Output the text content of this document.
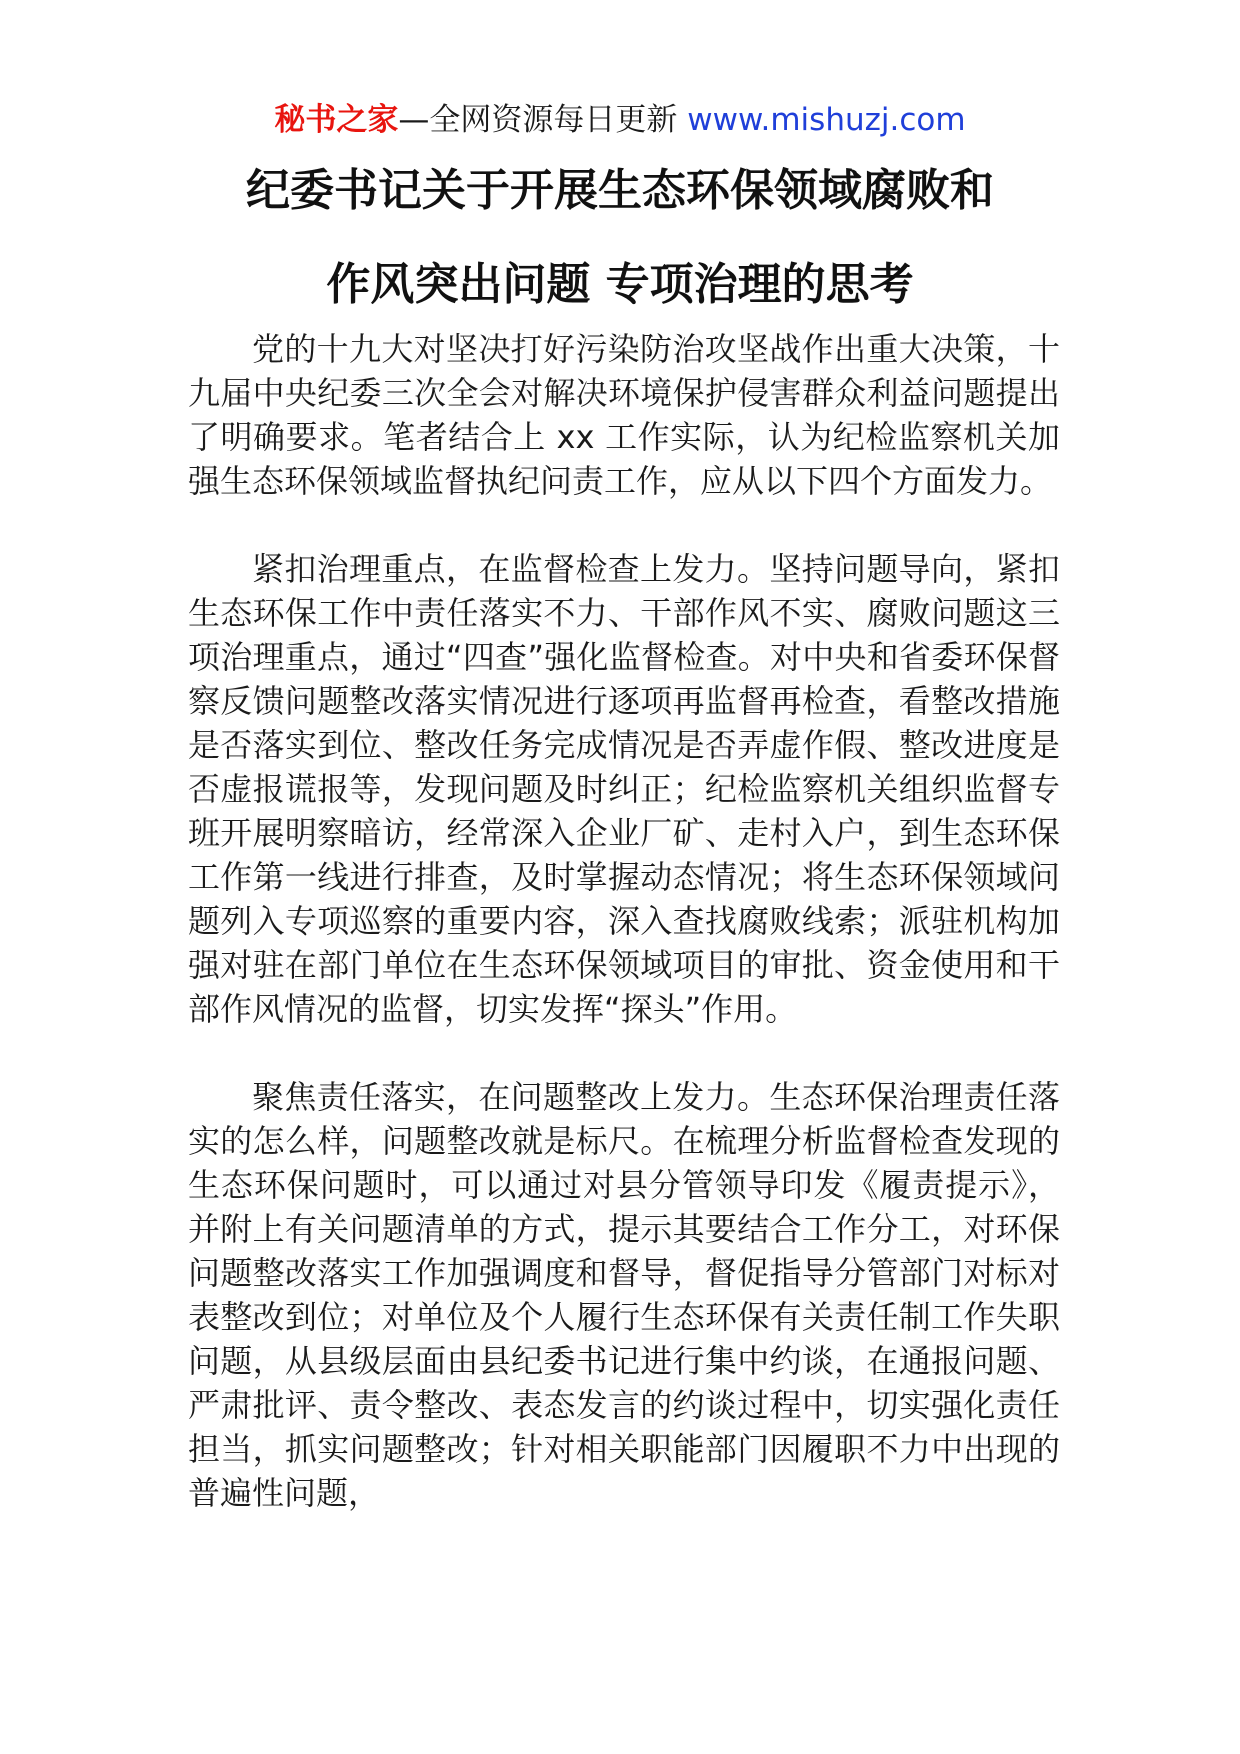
秘书之家—全网资源每日更新 www.mishuzj.com
纪委书记关于开展生态环保领域腐败和
作风突出问题 专项治理的思考

党的十九大对坚决打好污染防治攻坚战作出重大决策，十九届中央纪委三次全会对解决环境保护侵害群众利益问题提出了明确要求。笔者结合上 xx 工作实际，认为纪检监察机关加强生态环保领域监督执纪问责工作，应从以下四个方面发力。

紧扣治理重点，在监督检查上发力。坚持问题导向，紧扣生态环保工作中责任落实不力、干部作风不实、腐败问题这三项治理重点，通过“四查”强化监督检查。对中央和省委环保督察反馈问题整改落实情况进行逐项再监督再检查，看整改措施是否落实到位、整改任务完成情况是否弄虚作假、整改进度是否虚报谎报等，发现问题及时纠正；纪检监察机关组织监督专班开展明察暗访，经常深入企业厂矿、走村入户，到生态环保工作第一线进行排查，及时掌握动态情况；将生态环保领域问题列入专项巡察的重要内容，深入查找腐败线索；派驻机构加强对驻在部门单位在生态环保领域项目的审批、资金使用和干部作风情况的监督，切实发挥“探头”作用。

聚焦责任落实，在问题整改上发力。生态环保治理责任落实的怎么样，问题整改就是标尺。在梳理分析监督检查发现的生态环保问题时，可以通过对县分管领导印发《履责提示》，并附上有关问题清单的方式，提示其要结合工作分工，对环保问题整改落实工作加强调度和督导，督促指导分管部门对标对表整改到位；对单位及个人履行生态环保有关责任制工作失职问题，从县级层面由县纪委书记进行集中约谈，在通报问题、严肃批评、责令整改、表态发言的约谈过程中，切实强化责任担当，抓实问题整改；针对相关职能部门因履职不力中出现的普遍性问题，
